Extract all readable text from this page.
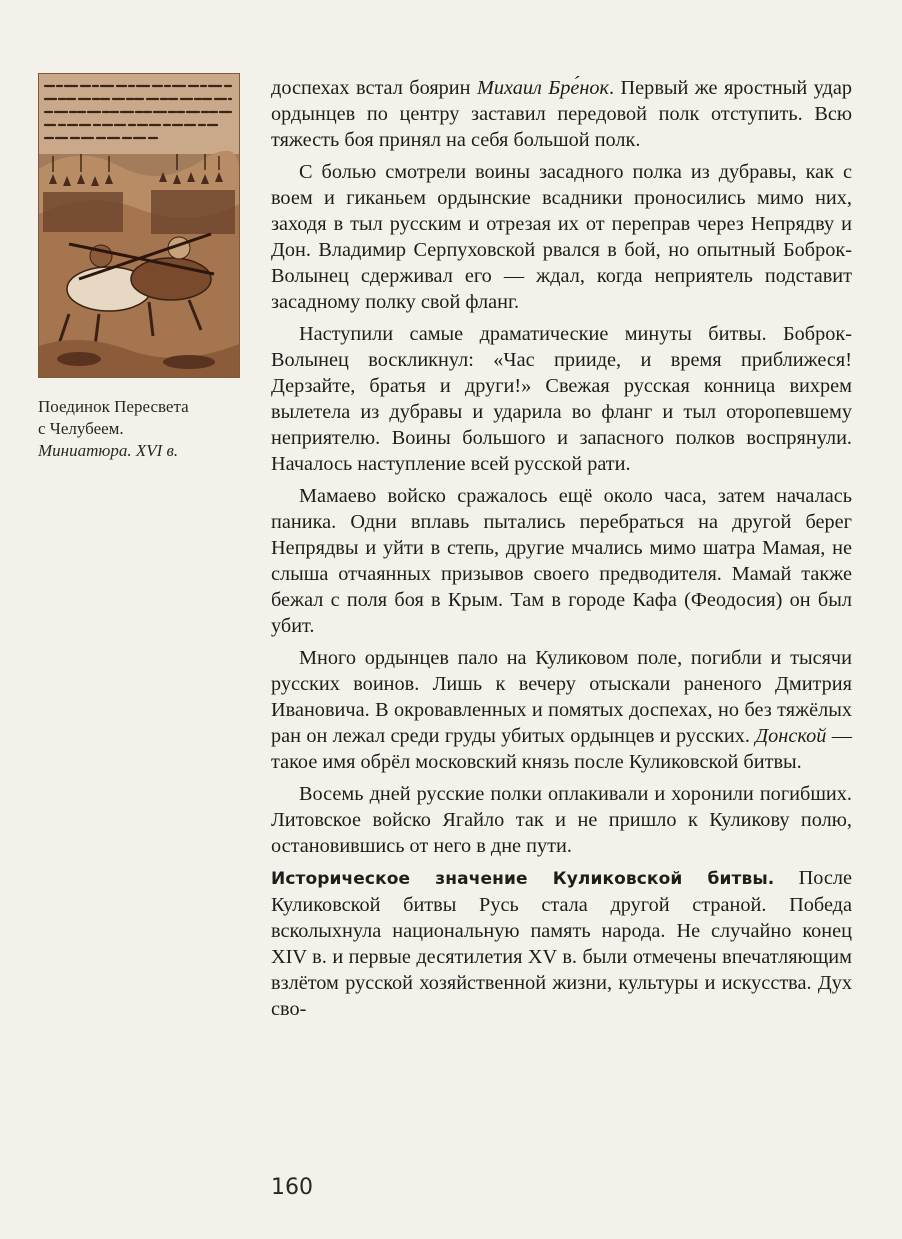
Поединок Пересвета
с Челубеем.
Миниатюра. XVI в.

доспехах встал боярин Михаил Бре́нок. Первый же яростный удар ордынцев по центру заставил передовой полк отступить. Всю тяжесть боя принял на себя большой полк.

С болью смотрели воины засадного полка из дубравы, как с воем и гиканьем ордынские всадники проносились мимо них, заходя в тыл русским и отрезая их от переправ через Непрядву и Дон. Владимир Серпуховской рвался в бой, но опытный Боброк-Волынец сдерживал его — ждал, когда неприятель подставит засадному полку свой фланг.

Наступили самые драматические минуты битвы. Боброк-Волынец воскликнул: «Час прииде, и время приближеся! Дерзайте, братья и други!» Свежая русская конница вихрем вылетела из дубравы и ударила во фланг и тыл оторопевшему неприятелю. Воины большого и запасного полков воспрянули. Началось наступление всей русской рати.

Мамаево войско сражалось ещё около часа, затем началась паника. Одни вплавь пытались перебраться на другой берег Непрядвы и уйти в степь, другие мчались мимо шатра Мамая, не слыша отчаянных призывов своего предводителя. Мамай также бежал с поля боя в Крым. Там в городе Кафа (Феодосия) он был убит.

Много ордынцев пало на Куликовом поле, погибли и тысячи русских воинов. Лишь к вечеру отыскали раненого Дмитрия Ивановича. В окровавленных и помятых доспехах, но без тяжёлых ран он лежал среди груды убитых ордынцев и русских. Донской — такое имя обрёл московский князь после Куликовской битвы.

Восемь дней русские полки оплакивали и хоронили погибших. Литовское войско Ягайло так и не пришло к Куликову полю, остановившись от него в дне пути.

Историческое значение Куликовской битвы. После Куликовской битвы Русь стала другой страной. Победа всколыхнула национальную память народа. Не случайно конец XIV в. и первые десятилетия XV в. были отмечены впечатляющим взлётом русской хозяйственной жизни, культуры и искусства. Дух сво-

160
